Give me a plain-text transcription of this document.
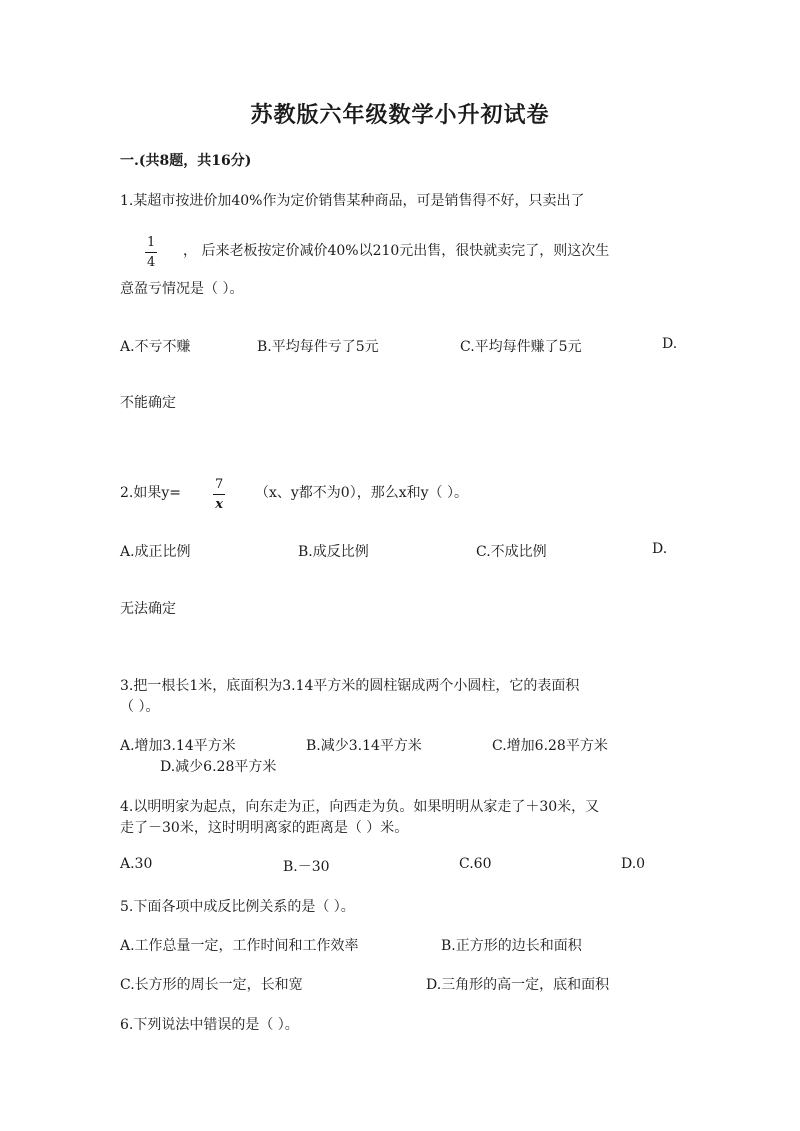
苏教版六年级数学小升初试卷
一.(共8题，共16分)
1.某超市按进价加40%作为定价销售某种商品，可是销售得不好，只卖出了
1
4
， 后来老板按定价减价40%以210元出售，很快就卖完了，则这次生
意盈亏情况是（ ）。
A.不亏不赚	B.平均每件亏了5元	C.平均每件赚了5元	D.
不能确定
2.如果y=
7
x
（x、y都不为0），那么x和y（ ）。
A.成正比例	B.成反比例	C.不成比例	D.
无法确定
3.把一根长1米，底面积为3.14平方米的圆柱锯成两个小圆柱，它的表面积
（ ）。
A.增加3.14平方米	B.减少3.14平方米	C.增加6.28平方米
D.减少6.28平方米
4.以明明家为起点，向东走为正，向西走为负。如果明明从家走了＋30米，又
走了－30米，这时明明离家的距离是（ ）米。
A.30	B.－30	C.60	D.0
5.下面各项中成反比例关系的是（ ）。
A.工作总量一定，工作时间和工作效率	B.正方形的边长和面积
C.长方形的周长一定，长和宽	D.三角形的高一定，底和面积
6.下列说法中错误的是（ ）。
